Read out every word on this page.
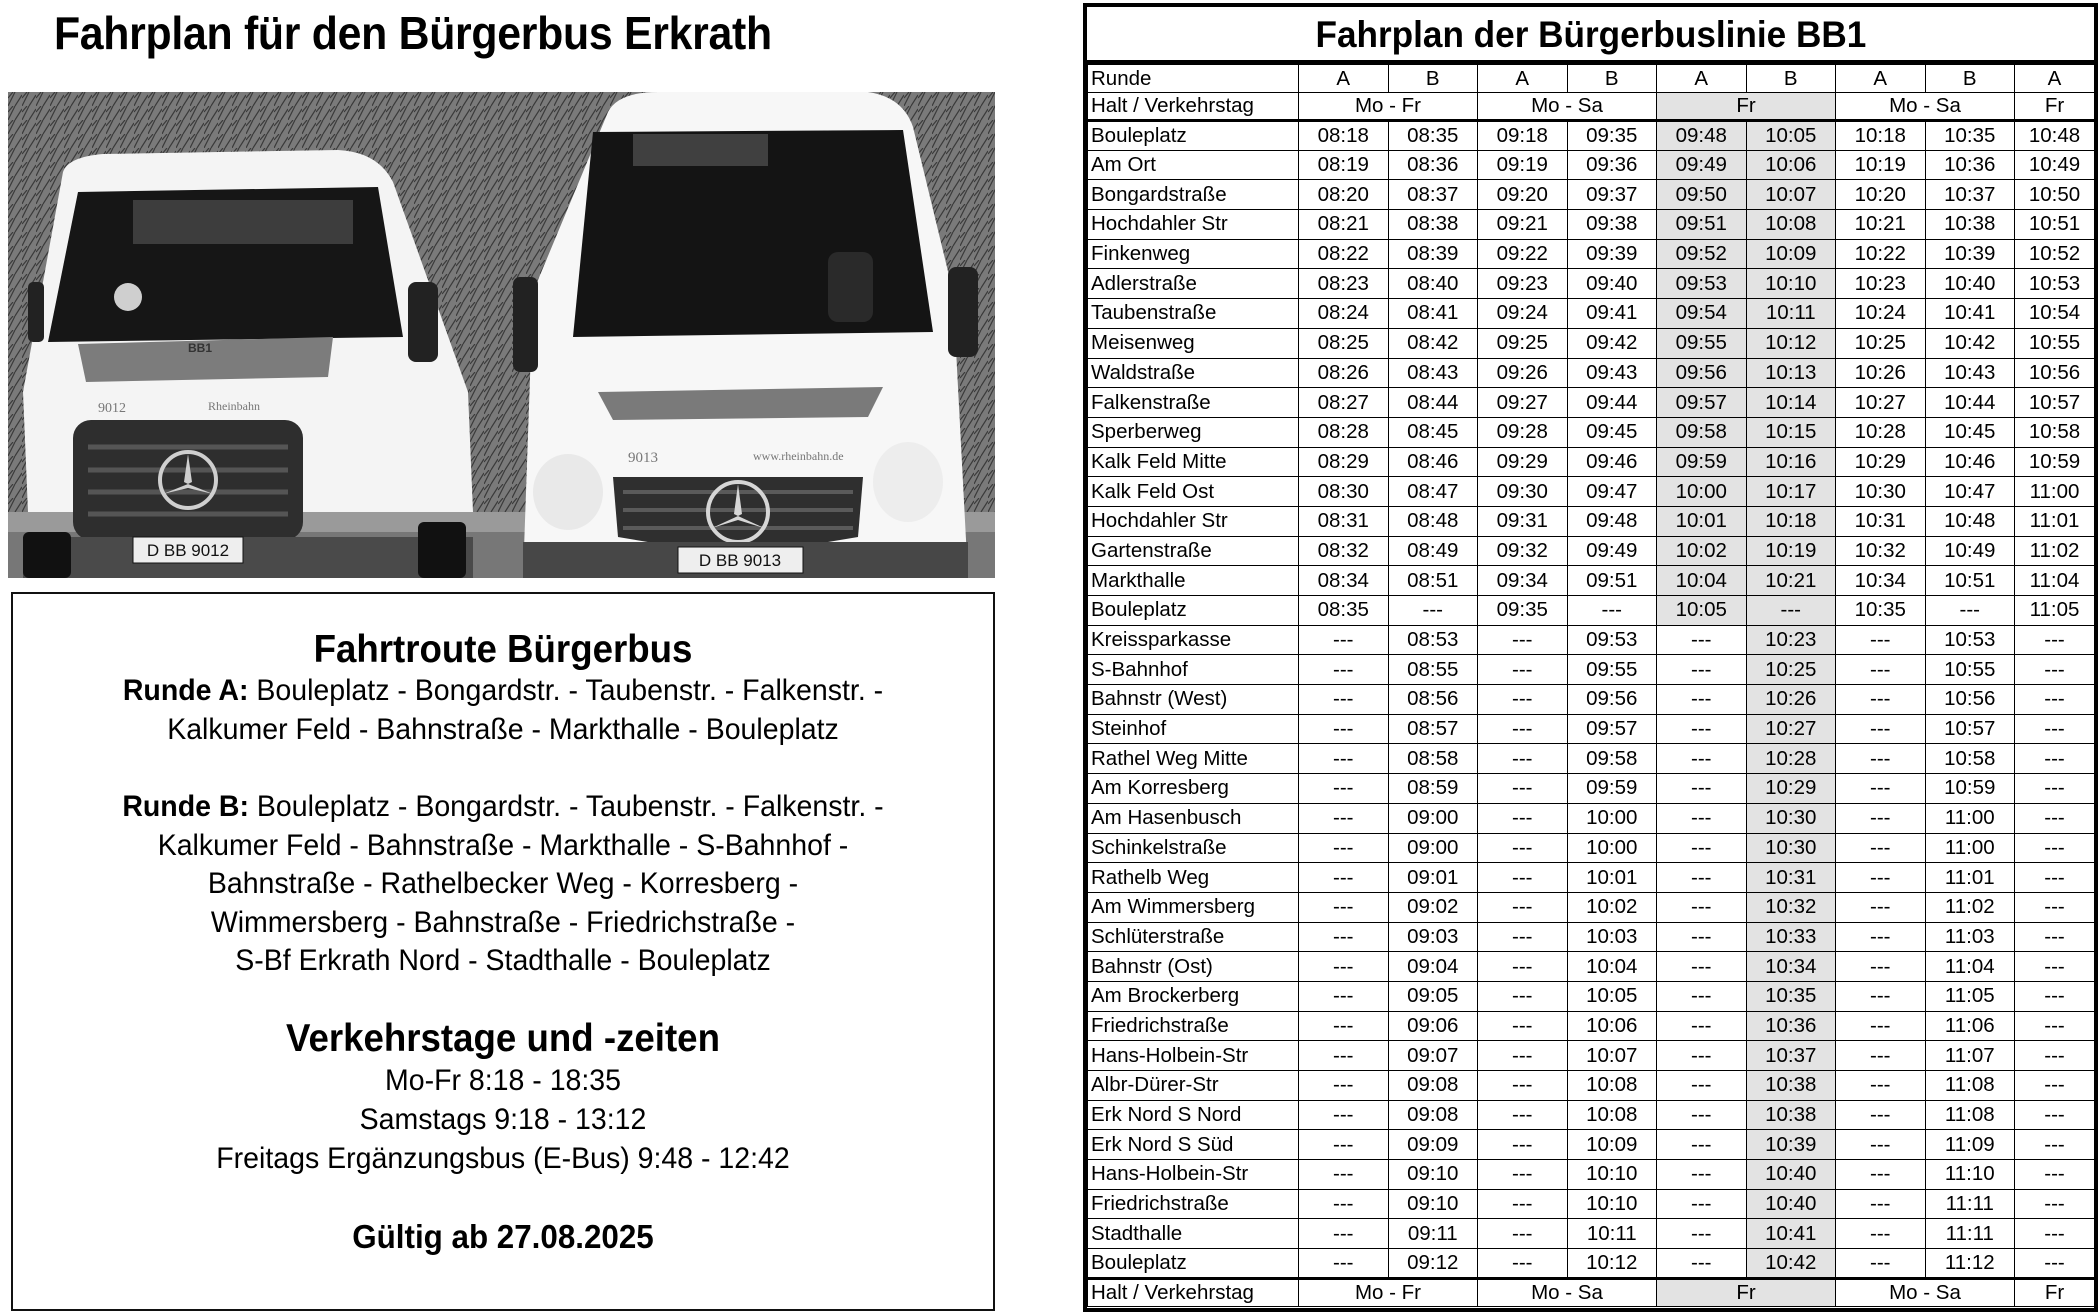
Fahrplan für den Bürgerbus Erkrath
BB1
9012	Rheinbahn
D BB 9012
9013	www.rheinbahn.de
D BB 9013
Fahrtroute Bürgerbus
Runde A: Bouleplatz - Bongardstr. - Taubenstr. - Falkenstr. -
Kalkumer Feld - Bahnstraße - Markthalle - Bouleplatz
Runde B: Bouleplatz - Bongardstr. - Taubenstr. - Falkenstr. -
Kalkumer Feld - Bahnstraße - Markthalle - S-Bahnhof -
Bahnstraße - Rathelbecker Weg - Korresberg -
Wimmersberg - Bahnstraße - Friedrichstraße -
S-Bf Erkrath Nord - Stadthalle - Bouleplatz
Verkehrstage und -zeiten
Mo-Fr 8:18 - 18:35
Samstags 9:18 - 13:12
Freitags Ergänzungsbus (E-Bus) 9:48 - 12:42
Gültig ab 27.08.2025
Fahrplan der Bürgerbuslinie BB1
Runde	A	B	A	B	A	B	A	B	A
Halt / Verkehrstag	Mo - Fr		Mo - Sa		Fr		Mo - Sa		Fr
Bouleplatz	08:18	08:35	09:18	09:35	09:48	10:05	10:18	10:35	10:48
Am Ort	08:19	08:36	09:19	09:36	09:49	10:06	10:19	10:36	10:49
Bongardstraße	08:20	08:37	09:20	09:37	09:50	10:07	10:20	10:37	10:50
Hochdahler Str	08:21	08:38	09:21	09:38	09:51	10:08	10:21	10:38	10:51
Finkenweg	08:22	08:39	09:22	09:39	09:52	10:09	10:22	10:39	10:52
Adlerstraße	08:23	08:40	09:23	09:40	09:53	10:10	10:23	10:40	10:53
Taubenstraße	08:24	08:41	09:24	09:41	09:54	10:11	10:24	10:41	10:54
Meisenweg	08:25	08:42	09:25	09:42	09:55	10:12	10:25	10:42	10:55
Waldstraße	08:26	08:43	09:26	09:43	09:56	10:13	10:26	10:43	10:56
Falkenstraße	08:27	08:44	09:27	09:44	09:57	10:14	10:27	10:44	10:57
Sperberweg	08:28	08:45	09:28	09:45	09:58	10:15	10:28	10:45	10:58
Kalk Feld Mitte	08:29	08:46	09:29	09:46	09:59	10:16	10:29	10:46	10:59
Kalk Feld Ost	08:30	08:47	09:30	09:47	10:00	10:17	10:30	10:47	11:00
Hochdahler Str	08:31	08:48	09:31	09:48	10:01	10:18	10:31	10:48	11:01
Gartenstraße	08:32	08:49	09:32	09:49	10:02	10:19	10:32	10:49	11:02
Markthalle	08:34	08:51	09:34	09:51	10:04	10:21	10:34	10:51	11:04
Bouleplatz	08:35	---	09:35	---	10:05	---	10:35	---	11:05
Kreissparkasse	---	08:53	---	09:53	---	10:23	---	10:53	---
S-Bahnhof	---	08:55	---	09:55	---	10:25	---	10:55	---
Bahnstr (West)	---	08:56	---	09:56	---	10:26	---	10:56	---
Steinhof	---	08:57	---	09:57	---	10:27	---	10:57	---
Rathel Weg Mitte	---	08:58	---	09:58	---	10:28	---	10:58	---
Am Korresberg	---	08:59	---	09:59	---	10:29	---	10:59	---
Am Hasenbusch	---	09:00	---	10:00	---	10:30	---	11:00	---
Schinkelstraße	---	09:00	---	10:00	---	10:30	---	11:00	---
Rathelb Weg	---	09:01	---	10:01	---	10:31	---	11:01	---
Am Wimmersberg	---	09:02	---	10:02	---	10:32	---	11:02	---
Schlüterstraße	---	09:03	---	10:03	---	10:33	---	11:03	---
Bahnstr (Ost)	---	09:04	---	10:04	---	10:34	---	11:04	---
Am Brockerberg	---	09:05	---	10:05	---	10:35	---	11:05	---
Friedrichstraße	---	09:06	---	10:06	---	10:36	---	11:06	---
Hans-Holbein-Str	---	09:07	---	10:07	---	10:37	---	11:07	---
Albr-Dürer-Str	---	09:08	---	10:08	---	10:38	---	11:08	---
Erk Nord S Nord	---	09:08	---	10:08	---	10:38	---	11:08	---
Erk Nord S Süd	---	09:09	---	10:09	---	10:39	---	11:09	---
Hans-Holbein-Str	---	09:10	---	10:10	---	10:40	---	11:10	---
Friedrichstraße	---	09:10	---	10:10	---	10:40	---	11:11	---
Stadthalle	---	09:11	---	10:11	---	10:41	---	11:11	---
Bouleplatz	---	09:12	---	10:12	---	10:42	---	11:12	---
Halt / Verkehrstag	Mo - Fr		Mo - Sa		Fr		Mo - Sa		Fr
